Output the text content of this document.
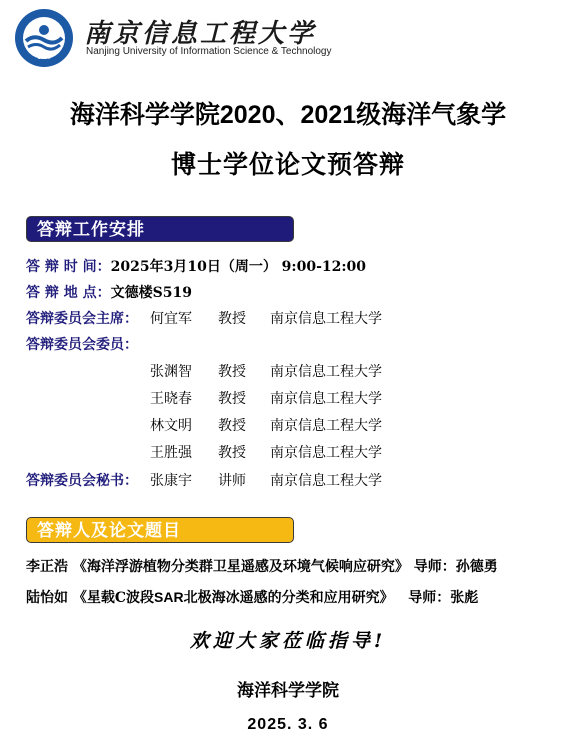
1960
南京信息工程大学
Nanjing University of Information Science & Technology
海洋科学学院2020、2021级海洋气象学
博士学位论文预答辩
答辩工作安排
答 辩 时 间：2025年3月10日（周一） 9:00-12:00
答 辩 地 点：文德楼S519
答辩委员会主席： 何宜军 教授 南京信息工程大学
答辩委员会委员：
张渊智 教授 南京信息工程大学
王晓春 教授 南京信息工程大学
林文明 教授 南京信息工程大学
王胜强 教授 南京信息工程大学
答辩委员会秘书： 张康宇 讲师 南京信息工程大学
答辩人及论文题目
李正浩 《海洋浮游植物分类群卫星遥感及环境气候响应研究》 导师：孙德勇
陆怡如 《星载C波段SAR北极海冰遥感的分类和应用研究》 导师：张彪
欢迎大家莅临指导!
海洋科学学院
2025. 3. 6
